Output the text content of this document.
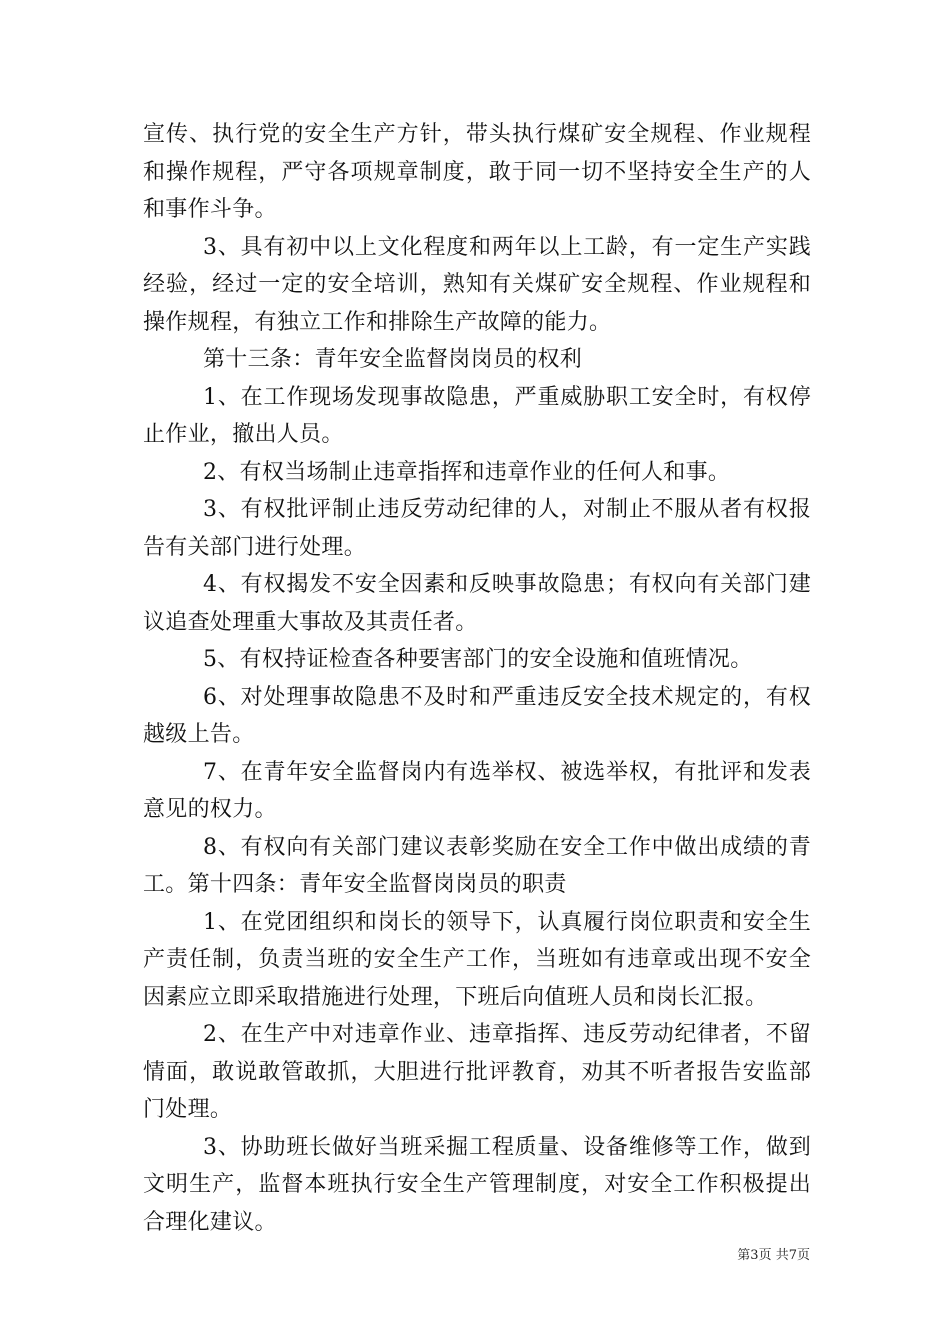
宣传、执行党的安全生产方针，带头执行煤矿安全规程、作业规程和操作规程，严守各项规章制度，敢于同一切不坚持安全生产的人和事作斗争。

3、具有初中以上文化程度和两年以上工龄，有一定生产实践经验，经过一定的安全培训，熟知有关煤矿安全规程、作业规程和操作规程，有独立工作和排除生产故障的能力。

第十三条：青年安全监督岗岗员的权利

1、在工作现场发现事故隐患，严重威胁职工安全时，有权停止作业，撤出人员。

2、有权当场制止违章指挥和违章作业的任何人和事。

3、有权批评制止违反劳动纪律的人，对制止不服从者有权报告有关部门进行处理。

4、有权揭发不安全因素和反映事故隐患；有权向有关部门建议追查处理重大事故及其责任者。

5、有权持证检查各种要害部门的安全设施和值班情况。

6、对处理事故隐患不及时和严重违反安全技术规定的，有权越级上告。

7、在青年安全监督岗内有选举权、被选举权，有批评和发表意见的权力。

8、有权向有关部门建议表彰奖励在安全工作中做出成绩的青工。第十四条：青年安全监督岗岗员的职责

1、在党团组织和岗长的领导下，认真履行岗位职责和安全生产责任制，负责当班的安全生产工作，当班如有违章或出现不安全因素应立即采取措施进行处理，下班后向值班人员和岗长汇报。

2、在生产中对违章作业、违章指挥、违反劳动纪律者，不留情面，敢说敢管敢抓，大胆进行批评教育，劝其不听者报告安监部门处理。

3、协助班长做好当班采掘工程质量、设备维修等工作，做到文明生产，监督本班执行安全生产管理制度，对安全工作积极提出合理化建议。

第3页 共7页
